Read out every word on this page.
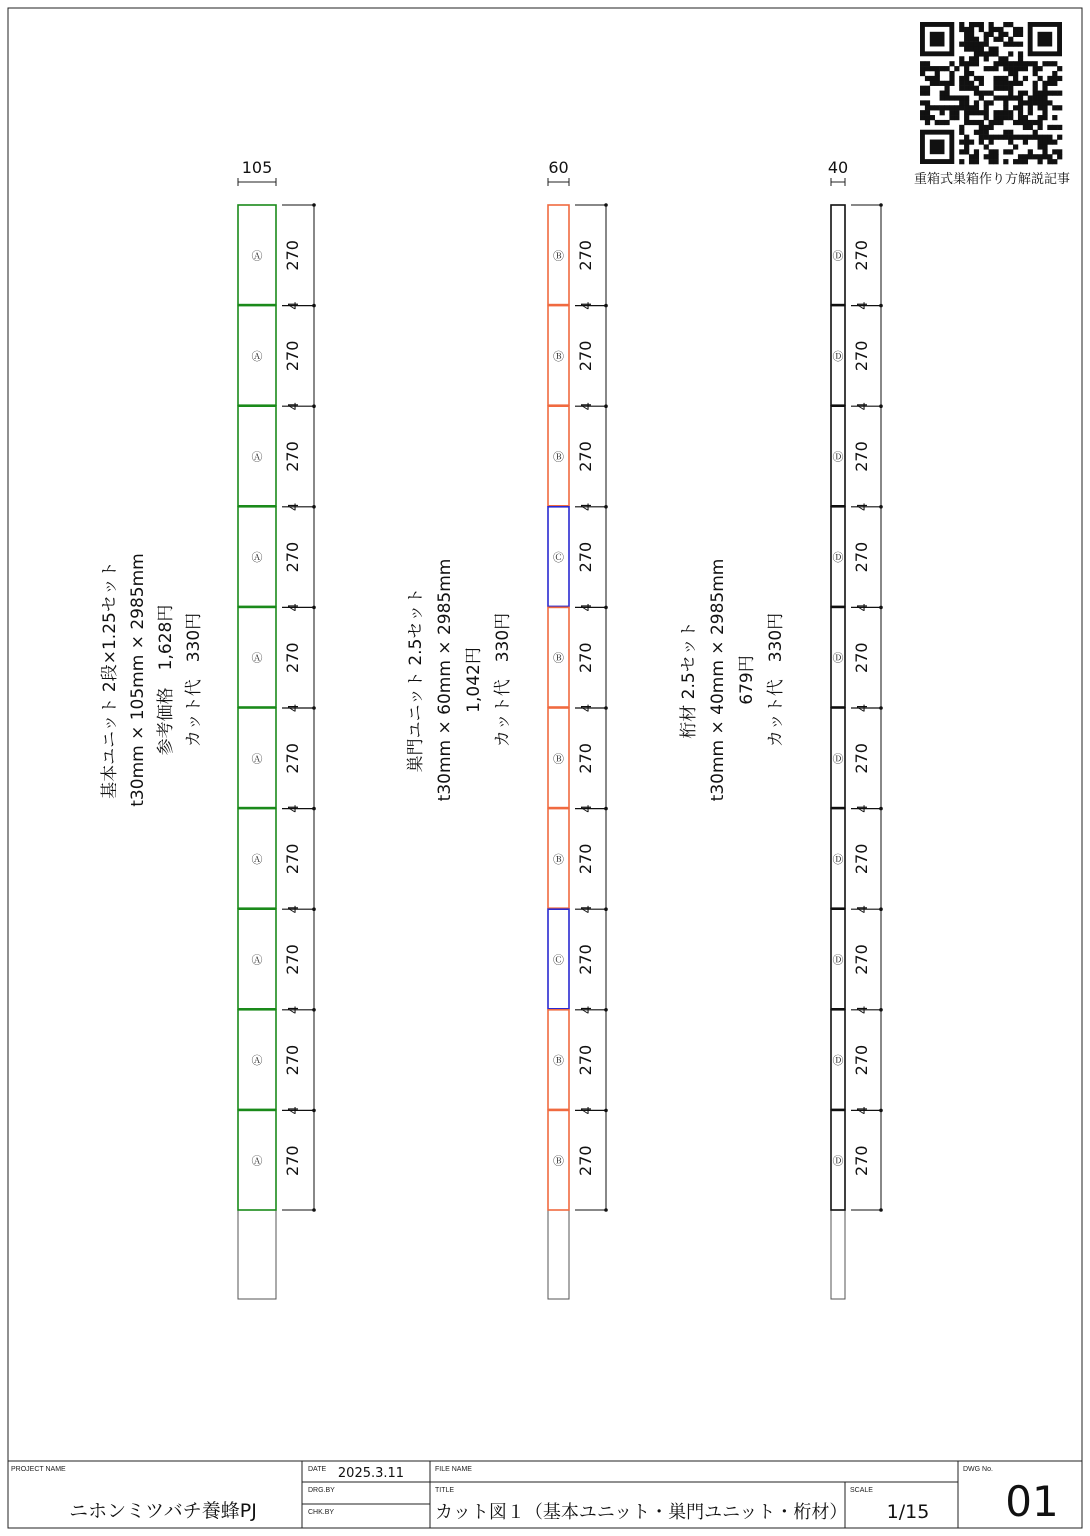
重箱式巣箱作り方解説記事
105
Ⓐ 270
4
Ⓐ 270
4
Ⓐ 270
4
Ⓐ 270
4
Ⓐ 270
4
Ⓐ 270
4
Ⓐ 270
4
Ⓐ 270
4
Ⓐ 270
4
Ⓐ 270
60
Ⓑ 270
4
Ⓑ 270
4
Ⓑ 270
4
Ⓒ 270
4
Ⓑ 270
4
Ⓑ 270
4
Ⓑ 270
4
Ⓒ 270
4
Ⓑ 270
4
Ⓑ 270
40
Ⓓ 270
4
Ⓓ 270
4
Ⓓ 270
4
Ⓓ 270
4
Ⓓ 270
4
Ⓓ 270
4
Ⓓ 270
4
Ⓓ 270
4
Ⓓ 270
4
Ⓓ 270
基本ユニット 2段×1.25セット t30mm × 105mm × 2985mm 参考価格　1,628円 カット代　330円	巣門ユニット 2.5セット t30mm × 60mm × 2985mm 1,042円 カット代　330円	桁材 2.5セット t30mm × 40mm × 2985mm 679円 カット代　330円
PROJECT NAME
ニホンミツバチ養蜂PJ
DATE 2025.3.11
DRG.BY
CHK.BY
FILE NAME
TITLE
カット図１（基本ユニット・巣門ユニット・桁材）
SCALE
1/15
DWG No.
01
